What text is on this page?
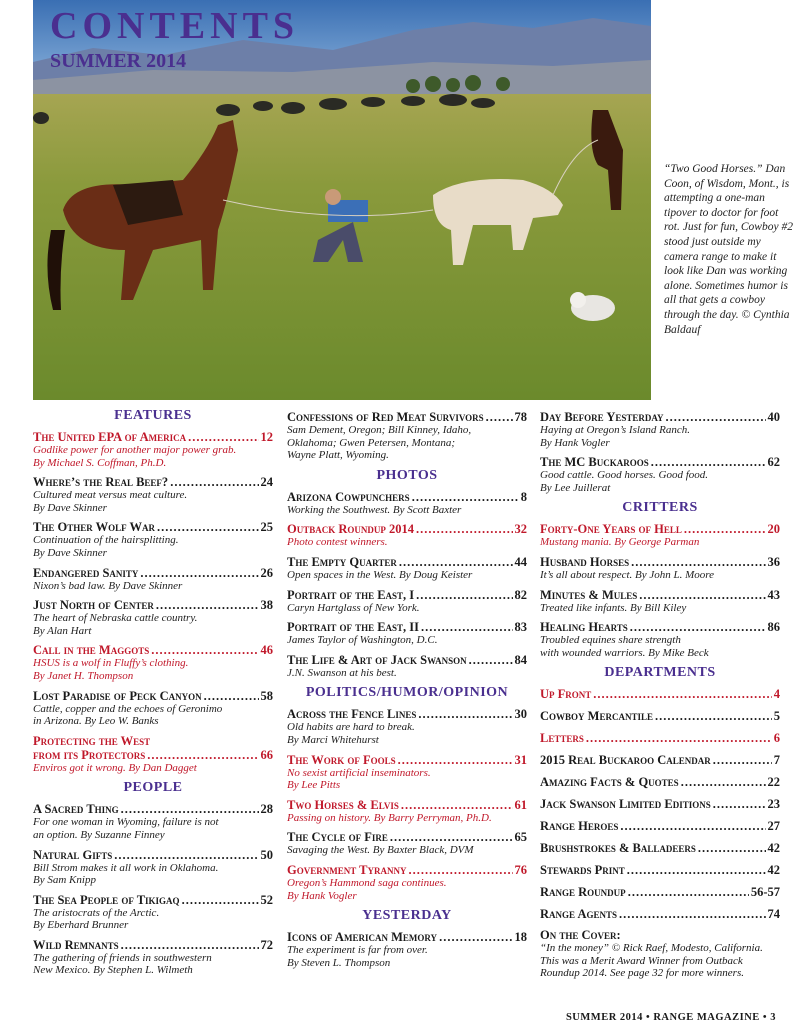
CONTENTS
SUMMER 2014
“Two Good Horses.” Dan Coon, of Wisdom, Mont., is attempting a one-man tipover to doctor for foot rot. Just for fun, Cowboy #2 stood just outside my camera range to make it look like Dan was working alone. Sometimes humor is all that gets a cowboy through the day. © Cynthia Baldauf
FEATURES
The United EPA of America .....	12
Godlike power for another major power grab.
By Michael S. Coffman, Ph.D.
Where’s the Real Beef? .....	24
Cultured meat versus meat culture.
By Dave Skinner
The Other Wolf War .....	25
Continuation of the hairsplitting.
By Dave Skinner
Endangered Sanity .....	26
Nixon’s bad law. By Dave Skinner
Just North of Center .....	38
The heart of Nebraska cattle country.
By Alan Hart
Call in the Maggots .....	46
HSUS is a wolf in Fluffy’s clothing.
By Janet H. Thompson
Lost Paradise of Peck Canyon .....	58
Cattle, copper and the echoes of Geronimo
in Arizona. By Leo W. Banks
Protecting the West
from its Protectors .....	66
Enviros got it wrong. By Dan Dagget
PEOPLE
A Sacred Thing .....	28
For one woman in Wyoming, failure is not
an option. By Suzanne Finney
Natural Gifts .....	50
Bill Strom makes it all work in Oklahoma.
By Sam Knipp
The Sea People of Tikigaq .....	52
The aristocrats of the Arctic.
By Eberhard Brunner
Wild Remnants .....	72
The gathering of friends in southwestern
New Mexico. By Stephen L. Wilmeth
Confessions of Red Meat Survivors ..... 78
Sam Dement, Oregon; Bill Kinney, Idaho,
Oklahoma; Gwen Petersen, Montana;
Wayne Platt, Wyoming.
PHOTOS
Arizona Cowpunchers .....	8
Working the Southwest. By Scott Baxter
Outback Roundup 2014 .....	32
Photo contest winners.
The Empty Quarter .....	44
Open spaces in the West. By Doug Keister
Portrait of the East, I .....	82
Caryn Hartglass of New York.
Portrait of the East, II .....	83
James Taylor of Washington, D.C.
The Life & Art of Jack Swanson .....	84
J.N. Swanson at his best.
POLITICS/HUMOR/OPINION
Across the Fence Lines .....	30
Old habits are hard to break.
By Marci Whitehurst
The Work of Fools .....	31
No sexist artificial inseminators.
By Lee Pitts
Two Horses & Elvis .....	61
Passing on history. By Barry Perryman, Ph.D.
The Cycle of Fire .....	65
Savaging the West. By Baxter Black, DVM
Government Tyranny .....	76
Oregon’s Hammond saga continues.
By Hank Vogler
YESTERDAY
Icons of American Memory .....	18
The experiment is far from over.
By Steven L. Thompson
Day Before Yesterday .....	40
Haying at Oregon’s Island Ranch.
By Hank Vogler
The MC Buckaroos .....	62
Good cattle. Good horses. Good food.
By Lee Juillerat
CRITTERS
Forty-One Years of Hell .....	20
Mustang mania. By George Parman
Husband Horses .....	36
It’s all about respect. By John L. Moore
Minutes & Mules .....	43
Treated like infants. By Bill Kiley
Healing Hearts .....	86
Troubled equines share strength
with wounded warriors. By Mike Beck
DEPARTMENTS
Up Front .....	4
Cowboy Mercantile .....	5
Letters .....	6
2015 Real Buckaroo Calendar .....	7
Amazing Facts & Quotes .....	22
Jack Swanson Limited Editions .....	23
Range Heroes .....	27
Brushstrokes & Balladeers .....	42
Stewards Print .....	42
Range Roundup .....	56-57
Range Agents .....	74
On the Cover:
“In the money” © Rick Raef, Modesto, California.
This was a Merit Award Winner from Outback
Roundup 2014. See page 32 for more winners.
SUMMER 2014 • RANGE MAGAZINE • 3
